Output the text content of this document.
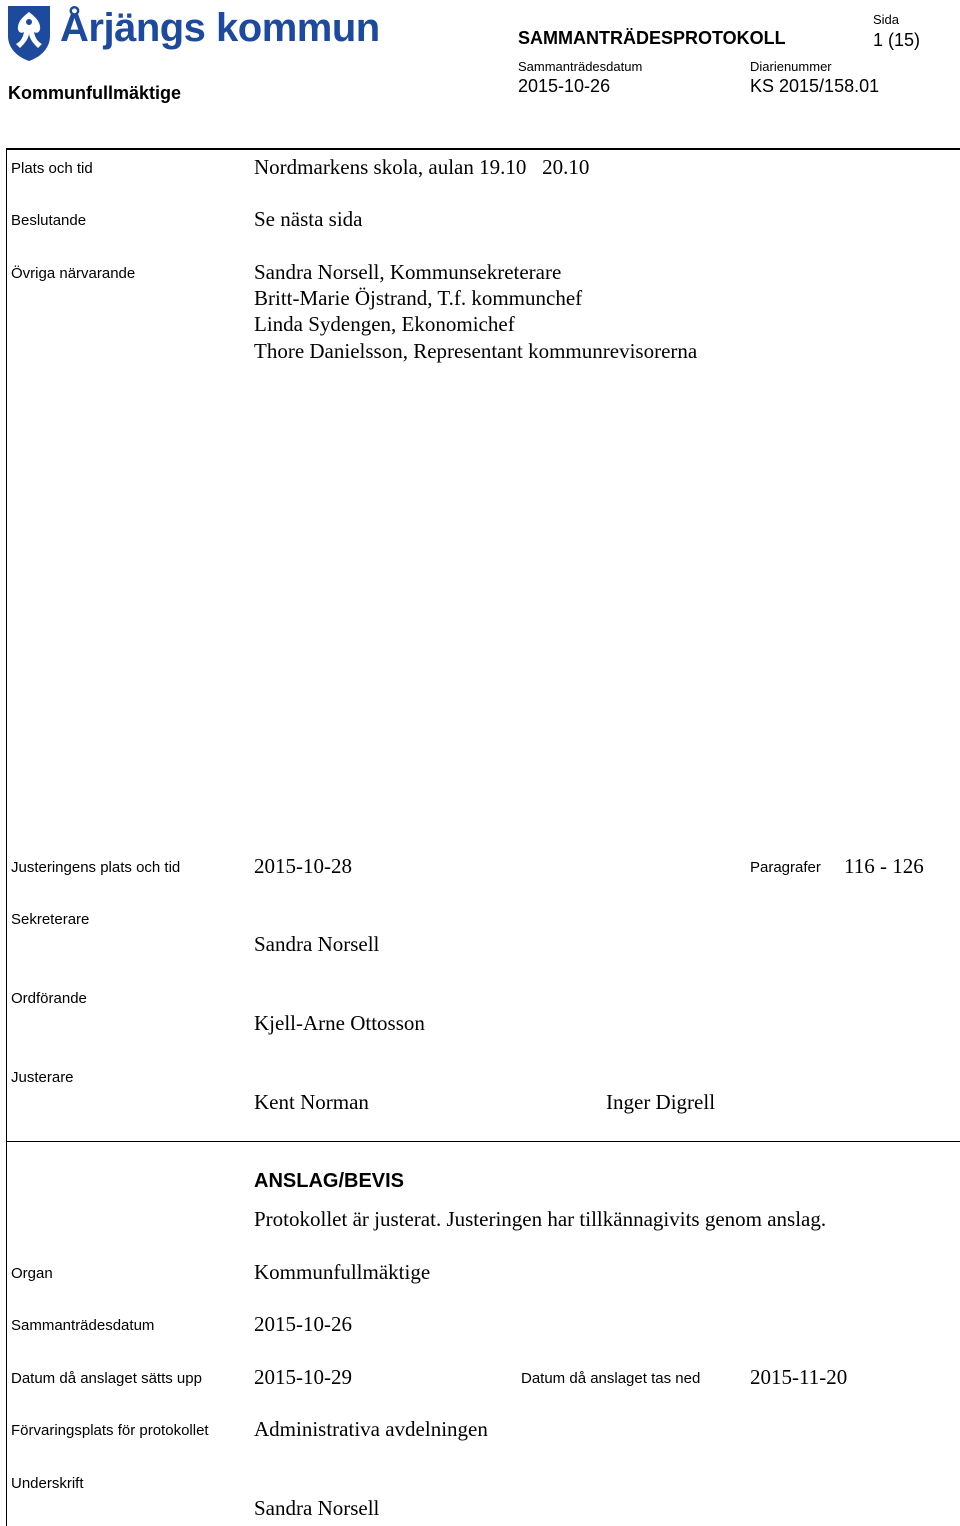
Årjängs kommun
Kommunfullmäktige
SAMMANTRÄDESPROTOKOLL
Sida
1 (15)
Sammanträdesdatum
2015-10-26
Diarienummer
KS 2015/158.01
Plats och tid	Nordmarkens skola, aulan 19.10   20.10
Beslutande	Se nästa sida
Övriga närvarande	Sandra Norsell, Kommunsekreterare
Britt-Marie Öjstrand, T.f. kommunchef
Linda Sydengen, Ekonomichef
Thore Danielsson, Representant kommunrevisorerna
Justeringens plats och tid	2015-10-28	Paragrafer 116 - 126
Sekreterare
Sandra Norsell
Ordförande
Kjell-Arne Ottosson
Justerare
Kent Norman	Inger Digrell
ANSLAG/BEVIS
Protokollet är justerat. Justeringen har tillkännagivits genom anslag.
Organ	Kommunfullmäktige
Sammanträdesdatum	2015-10-26
Datum då anslaget sätts upp 2015-10-29	Datum då anslaget tas ned 2015-11-20
Förvaringsplats för protokollet Administrativa avdelningen
Underskrift
Sandra Norsell
